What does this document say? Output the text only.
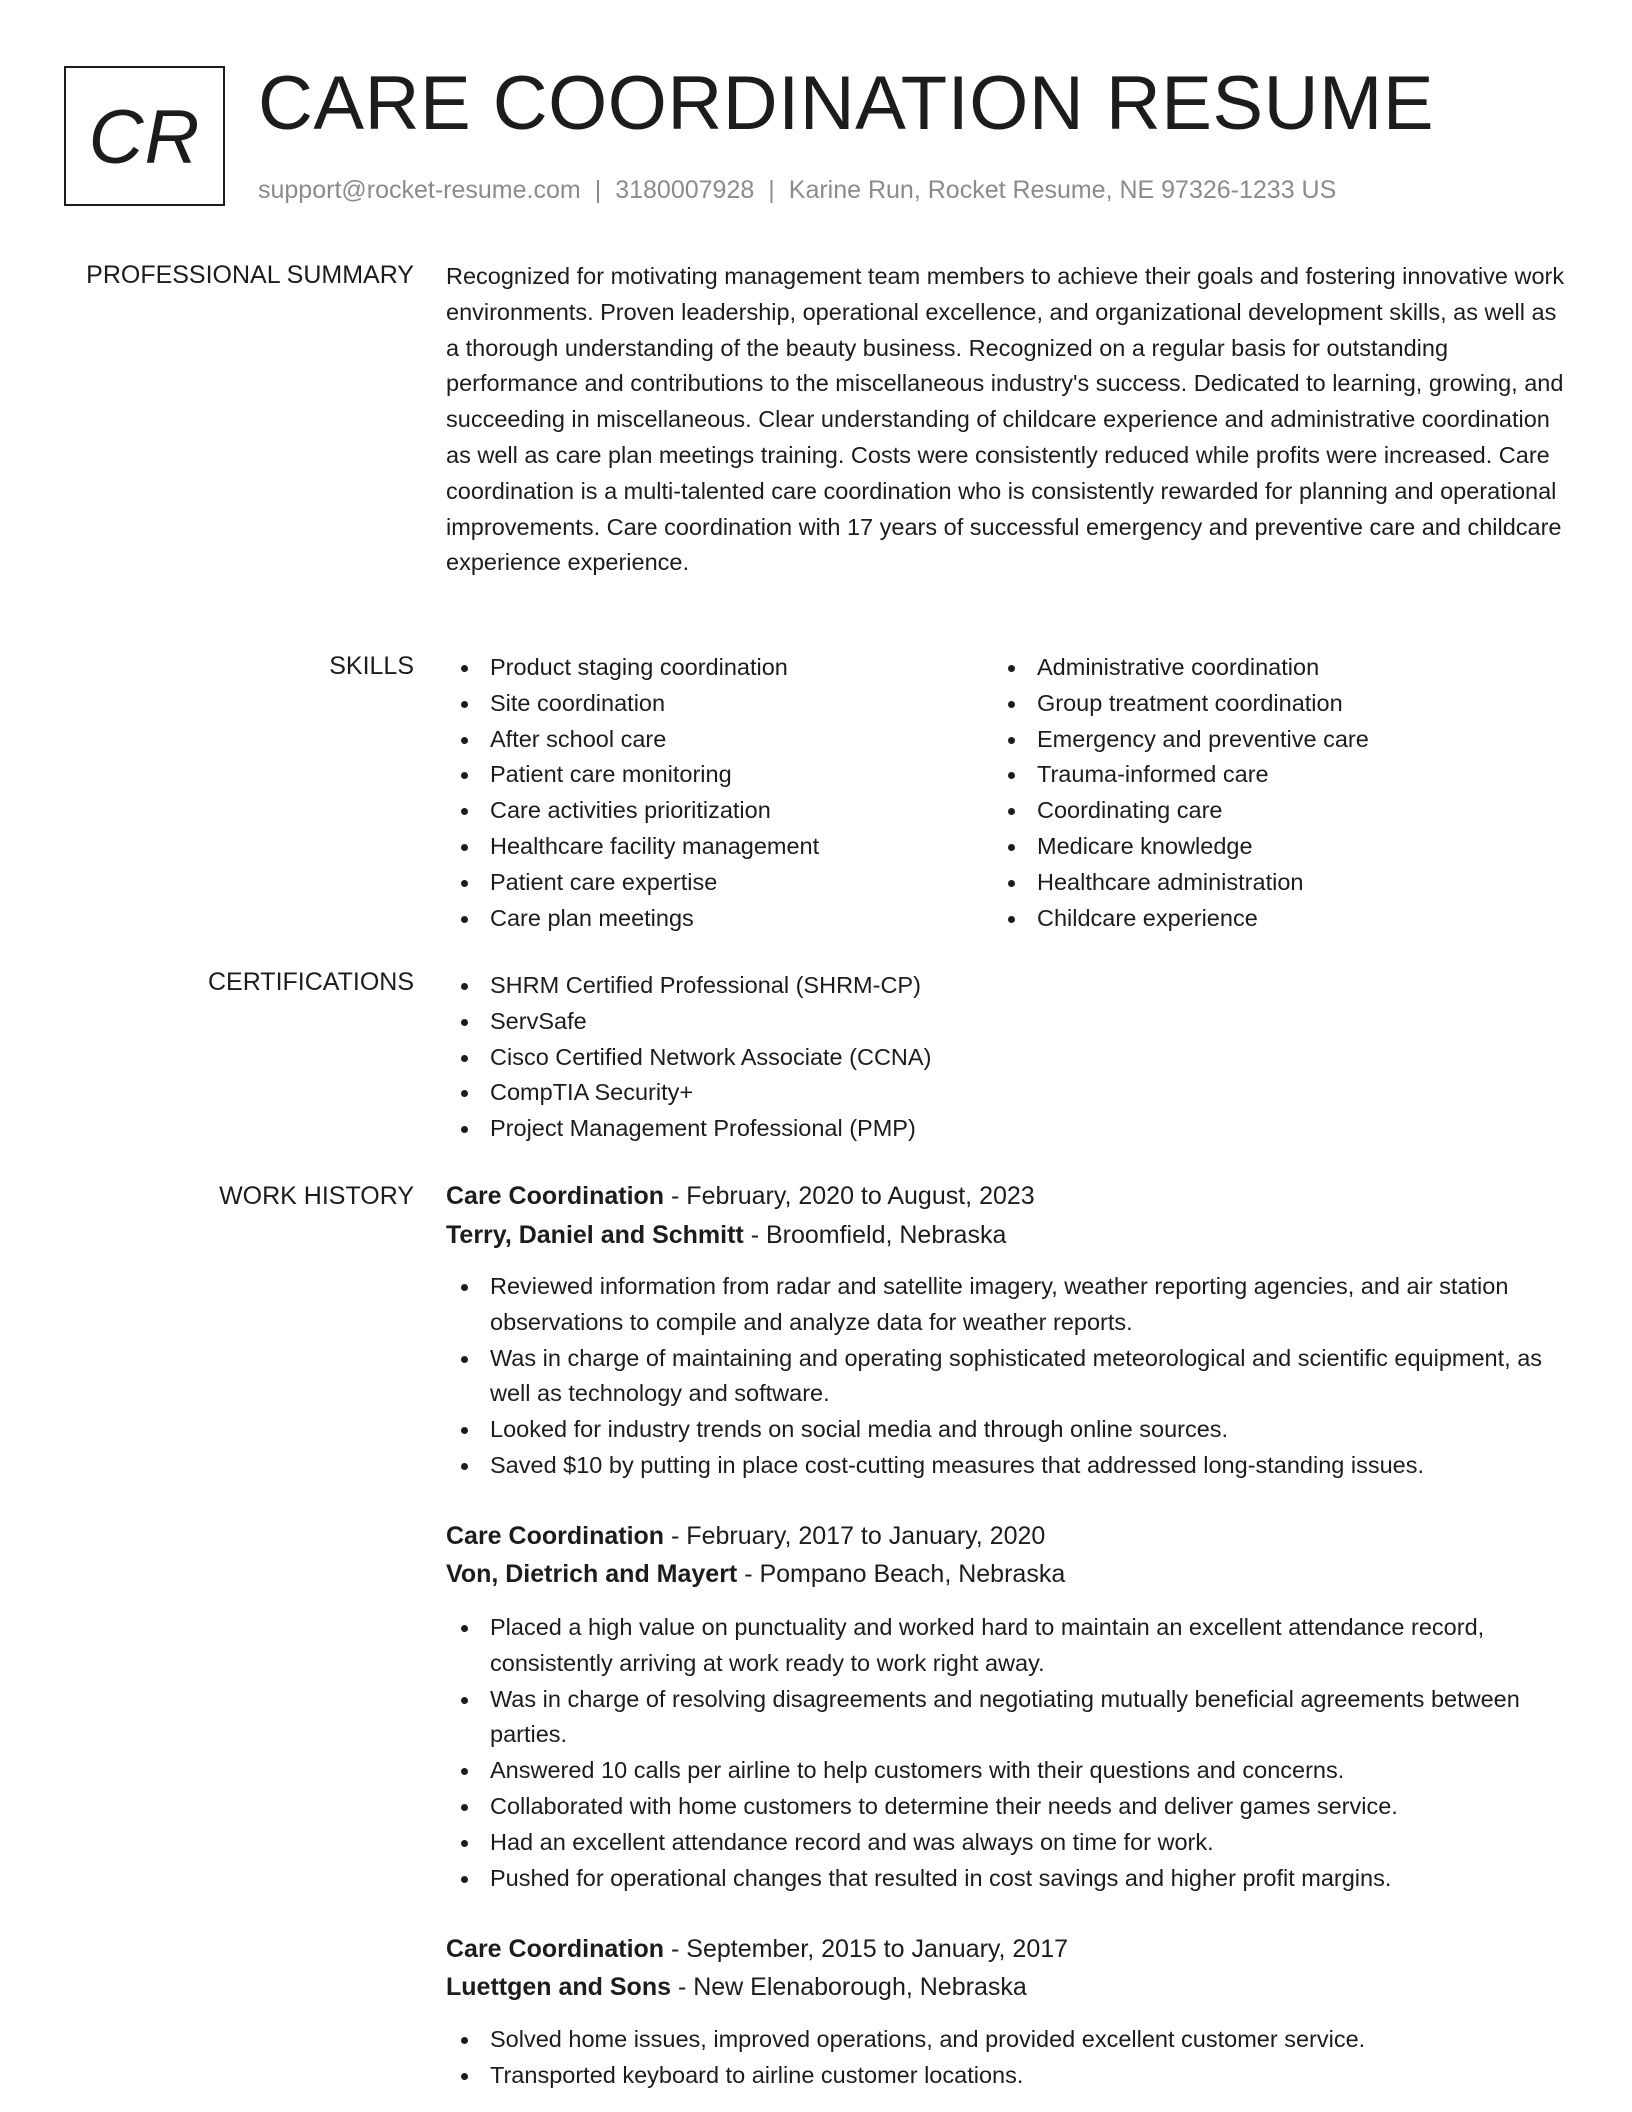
CR CARE COORDINATION RESUME
support@rocket-resume.com | 3180007928 | Karine Run, Rocket Resume, NE 97326-1233 US
PROFESSIONAL SUMMARY Recognized for motivating management team members to achieve their goals and fostering innovative work environments. Proven leadership, operational excellence, and organizational development skills, as well as a thorough understanding of the beauty business. Recognized on a regular basis for outstanding performance and contributions to the miscellaneous industry's success. Dedicated to learning, growing, and succeeding in miscellaneous. Clear understanding of childcare experience and administrative coordination as well as care plan meetings training. Costs were consistently reduced while profits were increased. Care coordination is a multi-talented care coordination who is consistently rewarded for planning and operational improvements. Care coordination with 17 years of successful emergency and preventive care and childcare experience experience.

SKILLS	Product staging coordination
Site coordination
After school care
Patient care monitoring
Care activities prioritization
Healthcare facility management
Patient care expertise
Care plan meetings
Administrative coordination
Group treatment coordination
Emergency and preventive care
Trauma-informed care
Coordinating care
Medicare knowledge
Healthcare administration
Childcare experience
CERTIFICATIONS	SHRM Certified Professional (SHRM-CP)
ServSafe
Cisco Certified Network Associate (CCNA)
CompTIA Security+
Project Management Professional (PMP)
WORK HISTORY Care Coordination - February, 2020 to August, 2023
Terry, Daniel and Schmitt - Broomfield, Nebraska
Reviewed information from radar and satellite imagery, weather reporting agencies, and air station observations to compile and analyze data for weather reports.
Was in charge of maintaining and operating sophisticated meteorological and scientific equipment, as well as technology and software.
Looked for industry trends on social media and through online sources.
Saved $10 by putting in place cost-cutting measures that addressed long-standing issues.
Care Coordination - February, 2017 to January, 2020
Von, Dietrich and Mayert - Pompano Beach, Nebraska
Placed a high value on punctuality and worked hard to maintain an excellent attendance record, consistently arriving at work ready to work right away.
Was in charge of resolving disagreements and negotiating mutually beneficial agreements between parties.
Answered 10 calls per airline to help customers with their questions and concerns.
Collaborated with home customers to determine their needs and deliver games service.
Had an excellent attendance record and was always on time for work.
Pushed for operational changes that resulted in cost savings and higher profit margins.
Care Coordination - September, 2015 to January, 2017
Luettgen and Sons - New Elenaborough, Nebraska
Solved home issues, improved operations, and provided excellent customer service.
Transported keyboard to airline customer locations.
